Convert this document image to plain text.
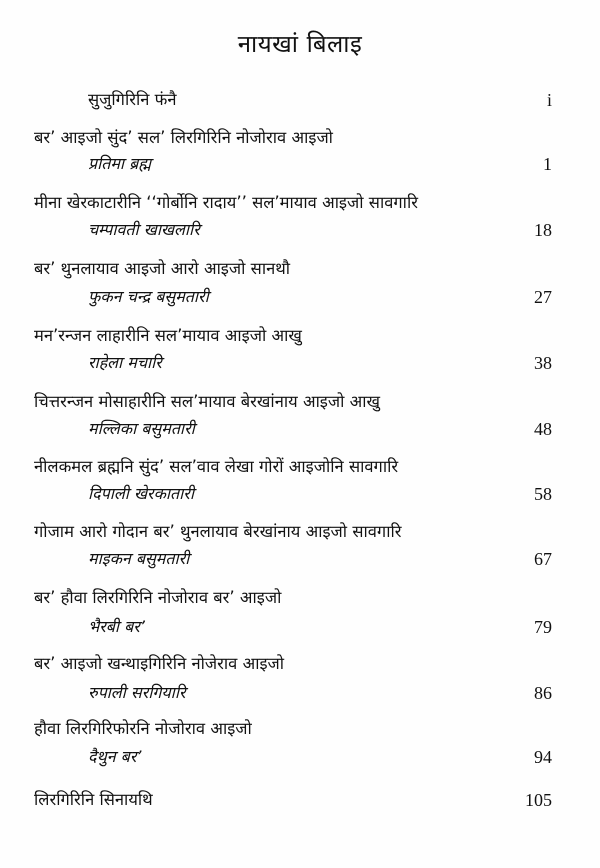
नायखां बिलाइ
सुजुगिरिनि फंनै	i
बर’ आइजो सुंद’ सल’ लिरगिरिनि नोजोराव आइजो
प्रतिमा ब्रह्म	1
मीना खेरकाटारीनि ‘‘गोर्बोनि रादाय’’ सल’मायाव आइजो सावगारि
चम्पावती खाखलारि	18
बर’ थुनलायाव आइजो आरो आइजो सानथौ
फुकन चन्द्र बसुमतारी	27
मन’रन्जन लाहारीनि सल’मायाव आइजो आखु
राहेला मचारि	38
चित्तरन्जन मोसाहारीनि सल’मायाव बेरखांनाय आइजो आखु
मल्लिका बसुमतारी	48
नीलकमल ब्रह्मनि सुंद’ सल’वाव लेखा गोरों आइजोनि सावगारि
दिपाली खेरकातारी	58
गोजाम आरो गोदान बर’ थुनलायाव बेरखांनाय आइजो सावगारि
माइकन बसुमतारी	67
बर’ हौवा लिरगिरिनि नोजोराव बर’ आइजो
भैरबी बर’	79
बर’ आइजो खन्थाइगिरिनि नोजेराव आइजो
रुपाली सरगियारि	86
हौवा लिरगिरिफोरनि नोजोराव आइजो
दैथुन बर’	94
लिरगिरिनि सिनायथि	105
